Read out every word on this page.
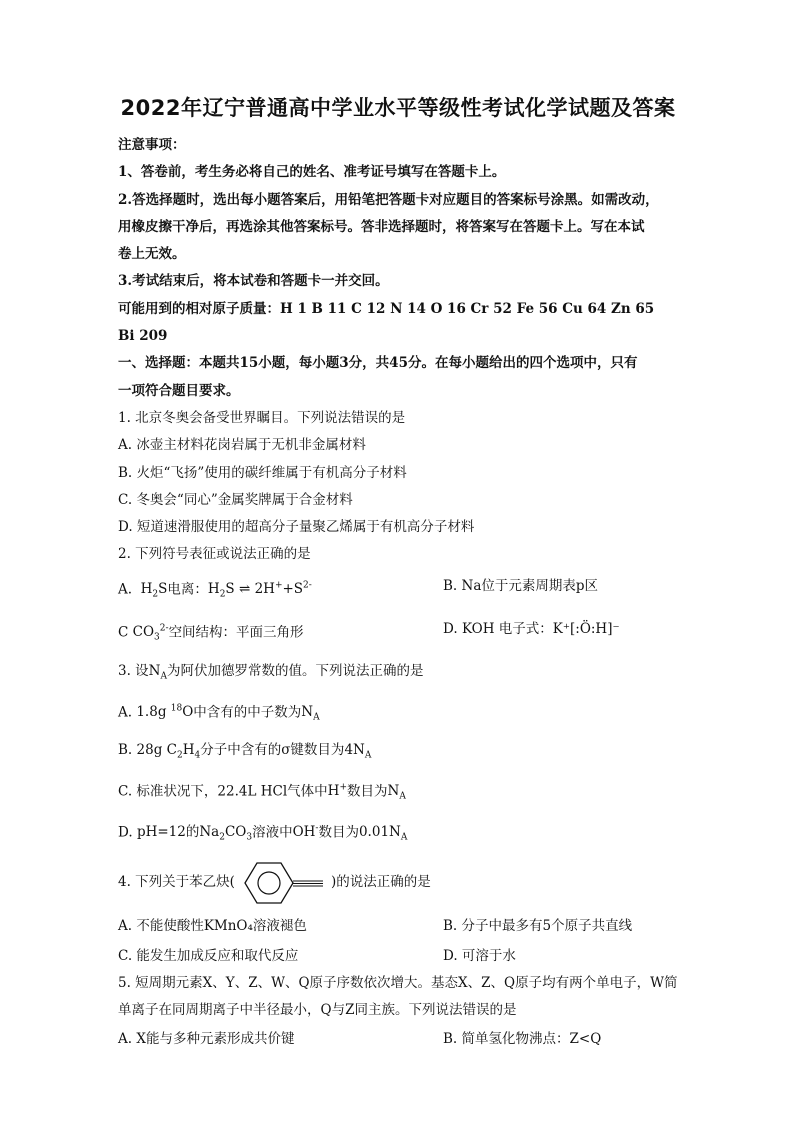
2022年辽宁普通高中学业水平等级性考试化学试题及答案

注意事项：

1、答卷前，考生务必将自己的姓名、准考证号填写在答题卡上。

2.答选择题时，选出每小题答案后，用铅笔把答题卡对应题目的答案标号涂黑。如需改动，

用橡皮擦干净后，再选涂其他答案标号。答非选择题时，将答案写在答题卡上。写在本试

卷上无效。

3.考试结束后，将本试卷和答题卡一并交回。

可能用到的相对原子质量：H 1 B 11 C 12 N 14 O 16 Cr 52 Fe 56 Cu 64 Zn 65

Bi 209

一、选择题：本题共15小题，每小题3分，共45分。在每小题给出的四个选项中，只有

一项符合题目要求。

1. 北京冬奥会备受世界瞩目。下列说法错误的是

A. 冰壶主材料花岗岩属于无机非金属材料

B. 火炬“飞扬”使用的碳纤维属于有机高分子材料

C. 冬奥会“同心”金属奖牌属于合金材料

D. 短道速滑服使用的超高分子量聚乙烯属于有机高分子材料

2. 下列符号表征或说法正确的是

A.  $H_2S$电离：$H_2S$ ⇌ $2H^++S^{2-}$	B. Na位于元素周期表p区
C $CO_3^{2-}$空间结构：平面三角形	D. KOH 电子式：K⁺[:Ö:H]⁻

3. 设$N_A$为阿伏加德罗常数的值。下列说法正确的是

A. 1.8g $^{18}$O中含有的中子数为$N_A$

B. 28g $C_2H_4$分子中含有的σ键数目为$4N_A$

C. 标准状况下，22.4L HCl气体中H+数目为$N_A$

D. pH=12的$Na_2CO_3$溶液中OH-数目为$0.01N_A$

4. 下列关于苯乙炔(	)的说法正确的是

A. 不能使酸性KMnO₄溶液褪色	B. 分子中最多有5个原子共直线
C. 能发生加成反应和取代反应	D. 可溶于水

5. 短周期元素X、Y、Z、W、Q原子序数依次增大。基态X、Z、Q原子均有两个单电子，W简

单离子在同周期离子中半径最小，Q与Z同主族。下列说法错误的是

A. X能与多种元素形成共价键	B. 简单氢化物沸点：Z<Q
